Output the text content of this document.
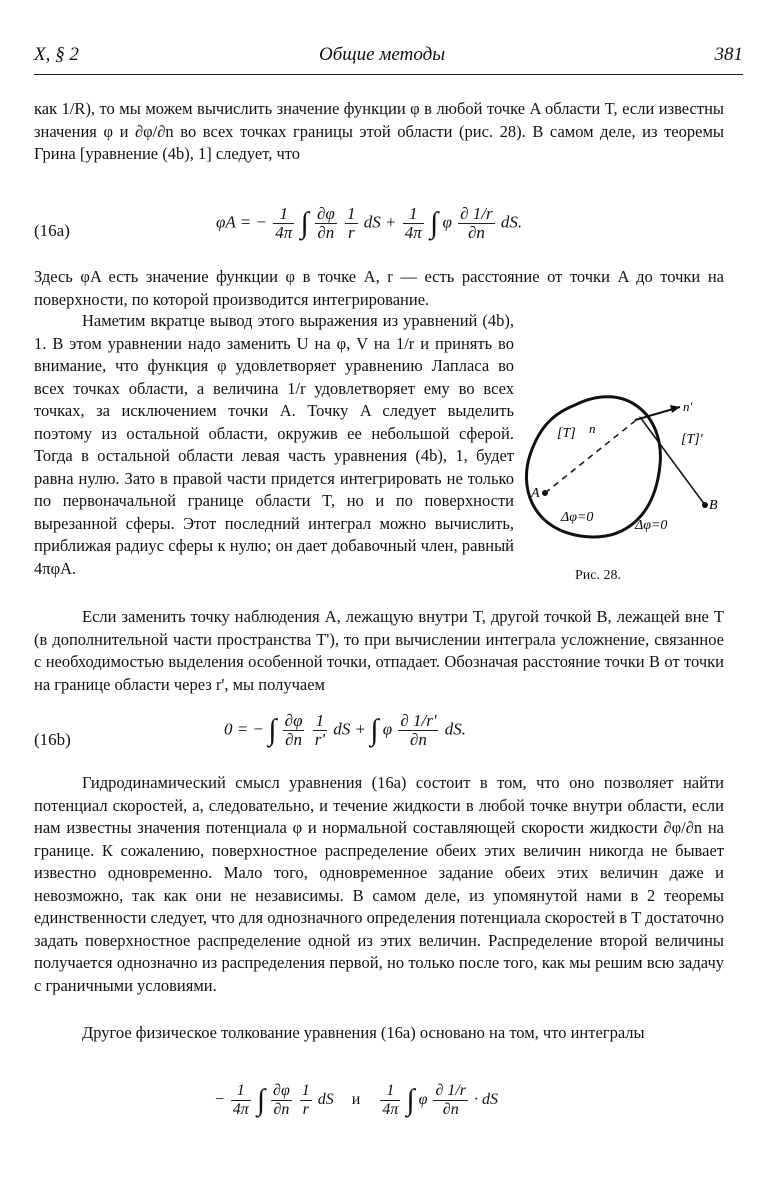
X, § 2	Общие методы	381
как 1/R), то мы можем вычислить значение функции φ в любой точке A области T, если известны значения φ и ∂φ/∂n во всех точках границы этой области (рис. 28). В самом деле, из теоремы Грина [уравнение (4b), 1] следует, что
(16a)	φA = − $\frac{1}{4\pi}$ ∫ $\frac{\partial\varphi}{\partial n}$
$\frac{1}{r}$ dS + $\frac{1}{4\pi}$ ∫ φ $\frac{\partial 1/r}{\partial n}$ dS.
Здесь φA есть значение функции φ в точке A, r — есть расстояние от точки A до точки на поверхности, по которой производится интегрирование.
Наметим вкратце вывод этого выражения из уравнений (4b), 1. В этом уравнении надо заменить U на φ, V на 1/r и принять во внимание, что функция φ удовлетворяет уравнению Лапласа во всех точках области, а величина 1/r удовлетворяет ему во всех точках, за исключением точки A. Точку A следует выделить поэтому из остальной области, окружив ее небольшой сферой. Тогда в остальной области левая часть уравнения (4b), 1, будет равна нулю. Зато в правой части придется интегрировать не только по первоначальной границе области T, но и по поверхности вырезанной сферы. Этот последний интеграл можно вычислить, приближая радиус сферы к нулю; он дает добавочный член, равный 4πφA.
[T]	[T]'
n
n'
A
B
Δφ=0
Δφ=0
Рис. 28.
Если заменить точку наблюдения A, лежащую внутри T, другой точкой B, лежащей вне T (в дополнительной части пространства T'), то при вычислении интеграла усложнение, связанное с необходимостью выделения особенной точки, отпадает. Обозначая расстояние точки B от точки на границе области через r', мы получаем
(16b)
0 = − ∫ $\frac{\partial\varphi}{\partial n}$
$\frac{1}{r'}$ dS + ∫ φ $\frac{\partial 1/r'}{\partial n}$ dS.
Гидродинамический смысл уравнения (16a) состоит в том, что оно позволяет найти потенциал скоростей, а, следовательно, и течение жидкости в любой точке внутри области, если нам известны значения потенциала φ и нормальной составляющей скорости жидкости ∂φ/∂n на границе. К сожалению, поверхностное распределение обеих этих величин никогда не бывает известно одновременно. Мало того, одновременное задание обеих этих величин даже и невозможно, так как они не независимы. В самом деле, из упомянутой нами в 2 теоремы единственности следует, что для однозначного определения потенциала скоростей в T достаточно задать поверхностное распределение одной из этих величин. Распределение второй величины получается однозначно из распределения первой, но только после того, как мы решим всю задачу с граничными условиями.
Другое физическое толкование уравнения (16a) основано на том, что интегралы
− $\frac{1}{4\pi}$ ∫ $\frac{\partial\varphi}{\partial n}$
$\frac{1}{r}$ dS и $\frac{1}{4\pi}$ ∫ φ $\frac{\partial 1/r}{\partial n}$ · dS
